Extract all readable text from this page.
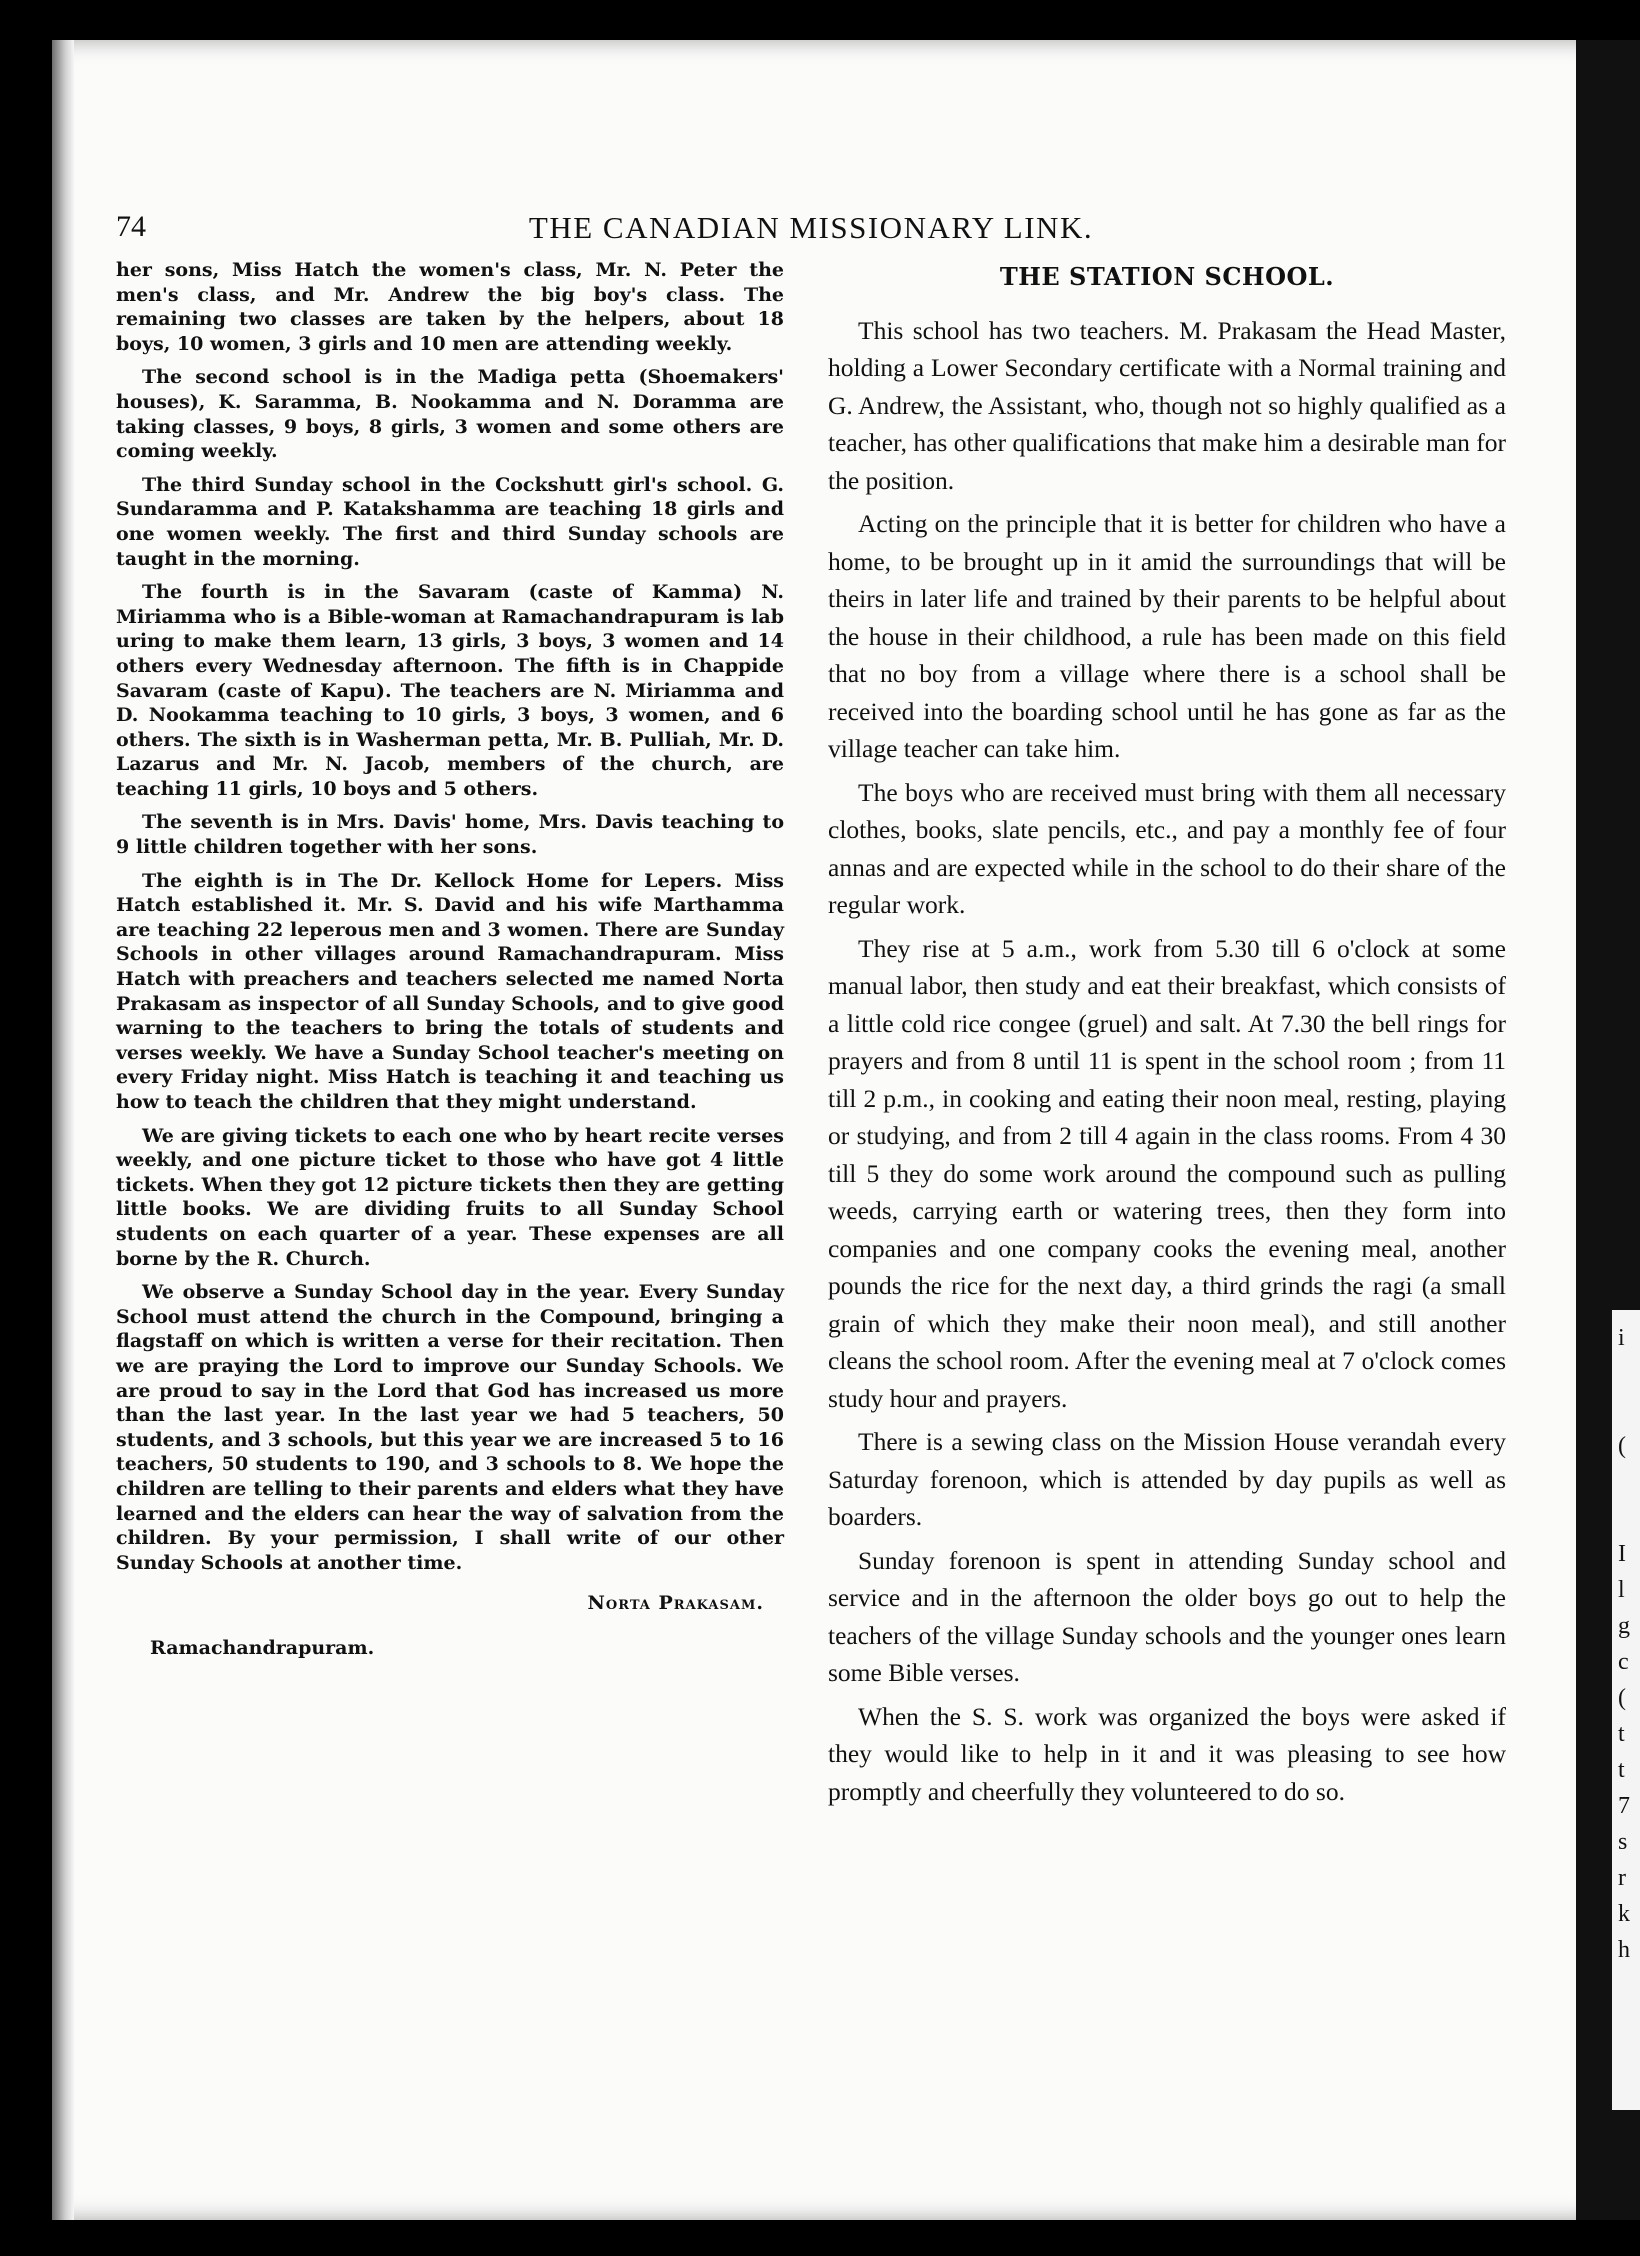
i

(

I
l
g
c
(
t
t
7
s
r
k
h
74	THE CANADIAN MISSIONARY LINK.

her sons, Miss Hatch the women's class, Mr. N. Peter the men's class, and Mr. Andrew the big boy's class. The remaining two classes are taken by the helpers, about 18 boys, 10 women, 3 girls and 10 men are attending weekly.

The second school is in the Madiga petta (Shoemakers' houses), K. Saramma, B. Nookamma and N. Doramma are taking classes, 9 boys, 8 girls, 3 women and some others are coming weekly.

The third Sunday school in the Cockshutt girl's school. G. Sundaramma and P. Katakshamma are teaching 18 girls and one women weekly. The first and third Sunday schools are taught in the morning.

The fourth is in the Savaram (caste of Kamma) N. Miriamma who is a Bible-woman at Ramachandrapuram is lab uring to make them learn, 13 girls, 3 boys, 3 women and 14 others every Wednesday afternoon. The fifth is in Chappide Savaram (caste of Kapu). The teachers are N. Miriamma and D. Nookamma teaching to 10 girls, 3 boys, 3 women, and 6 others. The sixth is in Washerman petta, Mr. B. Pulliah, Mr. D. Lazarus and Mr. N. Jacob, members of the church, are teaching 11 girls, 10 boys and 5 others.

The seventh is in Mrs. Davis' home, Mrs. Davis teaching to 9 little children together with her sons.

The eighth is in The Dr. Kellock Home for Lepers. Miss Hatch established it. Mr. S. David and his wife Marthamma are teaching 22 leperous men and 3 women. There are Sunday Schools in other villages around Ramachandrapuram. Miss Hatch with preachers and teachers selected me named Norta Prakasam as inspector of all Sunday Schools, and to give good warning to the teachers to bring the totals of students and verses weekly. We have a Sunday School teacher's meeting on every Friday night. Miss Hatch is teaching it and teaching us how to teach the children that they might understand.

We are giving tickets to each one who by heart recite verses weekly, and one picture ticket to those who have got 4 little tickets. When they got 12 picture tickets then they are getting little books. We are dividing fruits to all Sunday School students on each quarter of a year. These expenses are all borne by the R. Church.

We observe a Sunday School day in the year. Every Sunday School must attend the church in the Compound, bringing a flagstaff on which is written a verse for their recitation. Then we are praying the Lord to improve our Sunday Schools. We are proud to say in the Lord that God has increased us more than the last year. In the last year we had 5 teachers, 50 students, and 3 schools, but this year we are increased 5 to 16 teachers, 50 students to 190, and 3 schools to 8. We hope the children are telling to their parents and elders what they have learned and the elders can hear the way of salvation from the children. By your permission, I shall write of our other Sunday Schools at another time.

Norta Prakasam.
Ramachandrapuram.
THE STATION SCHOOL.

This school has two teachers. M. Prakasam the Head Master, holding a Lower Secondary certificate with a Normal training and G. Andrew, the Assistant, who, though not so highly qualified as a teacher, has other qualifications that make him a desirable man for the position.

Acting on the principle that it is better for children who have a home, to be brought up in it amid the surroundings that will be theirs in later life and trained by their parents to be helpful about the house in their childhood, a rule has been made on this field that no boy from a village where there is a school shall be received into the boarding school until he has gone as far as the village teacher can take him.

The boys who are received must bring with them all necessary clothes, books, slate pencils, etc., and pay a monthly fee of four annas and are expected while in the school to do their share of the regular work.

They rise at 5 a.m., work from 5.30 till 6 o'clock at some manual labor, then study and eat their breakfast, which consists of a little cold rice congee (gruel) and salt. At 7.30 the bell rings for prayers and from 8 until 11 is spent in the school room ; from 11 till 2 p.m., in cooking and eating their noon meal, resting, playing or studying, and from 2 till 4 again in the class rooms. From 4 30 till 5 they do some work around the compound such as pulling weeds, carrying earth or watering trees, then they form into companies and one company cooks the evening meal, another pounds the rice for the next day, a third grinds the ragi (a small grain of which they make their noon meal), and still another cleans the school room. After the evening meal at 7 o'clock comes study hour and prayers.

There is a sewing class on the Mission House verandah every Saturday forenoon, which is attended by day pupils as well as boarders.

Sunday forenoon is spent in attending Sunday school and service and in the afternoon the older boys go out to help the teachers of the village Sunday schools and the younger ones learn some Bible verses.

When the S. S. work was organized the boys were asked if they would like to help in it and it was pleasing to see how promptly and cheerfully they volunteered to do so.
